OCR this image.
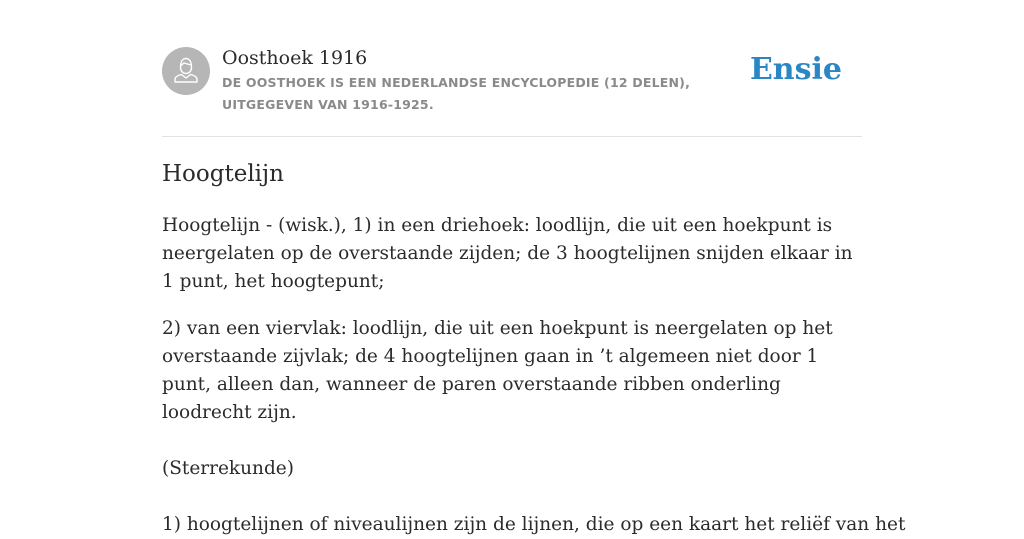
Oosthoek 1916
DE OOSTHOEK IS EEN NEDERLANDSE ENCYCLOPEDIE (12 DELEN), UITGEGEVEN VAN 1916-1925.
Ensie
Hoogtelijn

Hoogtelijn - (wisk.), 1) in een driehoek: loodlijn, die uit een hoekpunt is neergelaten op de overstaande zijden; de 3 hoogtelijnen snijden elkaar in 1 punt, het hoogtepunt;

2) van een viervlak: loodlijn, die uit een hoekpunt is neergelaten op het overstaande zijvlak; de 4 hoogtelijnen gaan in ’t algemeen niet door 1 punt, alleen dan, wanneer de paren overstaande ribben onderling loodrecht zijn.

(Sterrekunde)

1) hoogtelijnen of niveaulijnen zijn de lijnen, die op een kaart het reliëf van het
